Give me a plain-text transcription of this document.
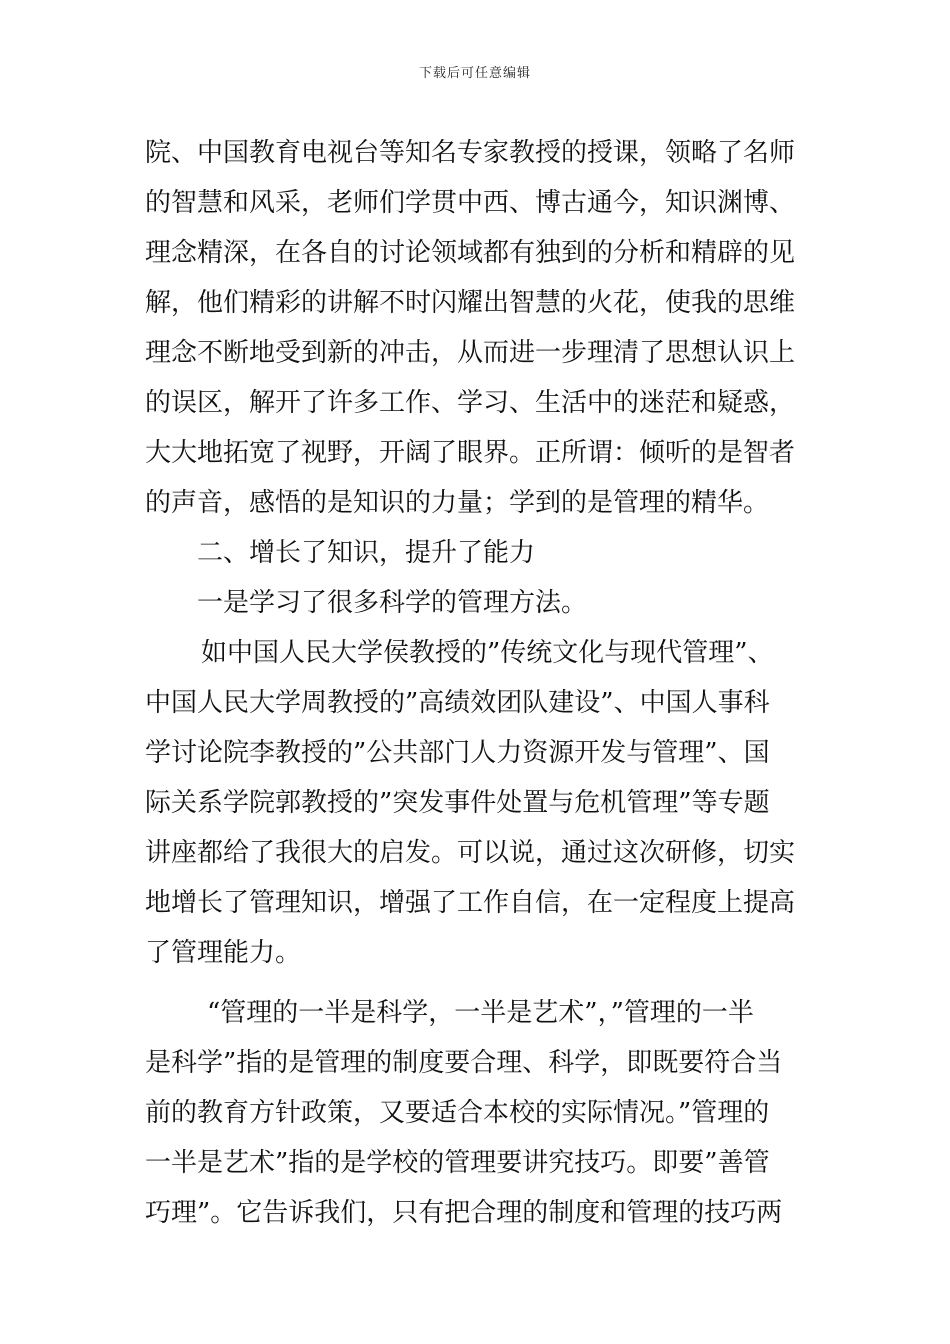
下载后可任意编辑
院、中国教育电视台等知名专家教授的授课，领略了名师
的智慧和风采，老师们学贯中西、博古通今，知识渊博、
理念精深，在各自的讨论领域都有独到的分析和精辟的见
解，他们精彩的讲解不时闪耀出智慧的火花，使我的思维
理念不断地受到新的冲击，从而进一步理清了思想认识上
的误区，解开了许多工作、学习、生活中的迷茫和疑惑，
大大地拓宽了视野，开阔了眼界。正所谓：倾听的是智者
的声音，感悟的是知识的力量；学到的是管理的精华。
二、增长了知识，提升了能力
一是学习了很多科学的管理方法。
如中国人民大学侯教授的”传统文化与现代管理”、
中国人民大学周教授的”高绩效团队建设”、中国人事科
学讨论院李教授的”公共部门人力资源开发与管理”、国
际关系学院郭教授的”突发事件处置与危机管理”等专题
讲座都给了我很大的启发。可以说，通过这次研修，切实
地增长了管理知识，增强了工作自信，在一定程度上提高
了管理能力。
“管理的一半是科学，一半是艺术”，”管理的一半
是科学”指的是管理的制度要合理、科学，即既要符合当
前的教育方针政策，又要适合本校的实际情况。”管理的
一半是艺术”指的是学校的管理要讲究技巧。即要”善管
巧理”。它告诉我们，只有把合理的制度和管理的技巧两
